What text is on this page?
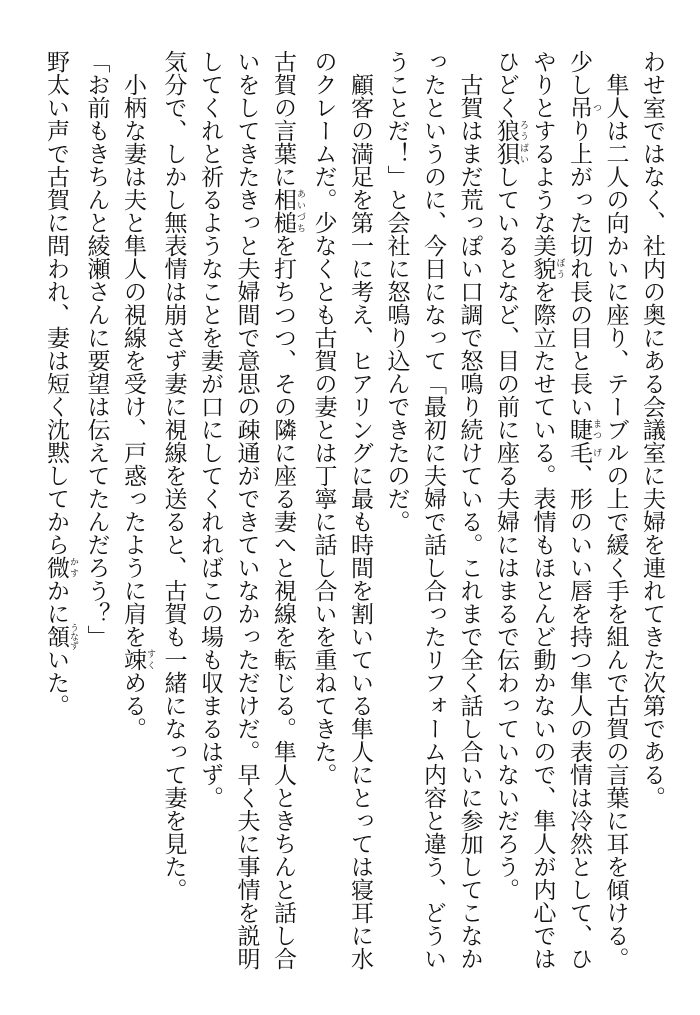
わせ室ではなく、社内の奥にある会議室に夫婦を連れてきた次第である。

隼人は二人の向かいに座り、テーブルの上で緩く手を組んで古賀の言葉に耳を傾ける。少し吊 つり上がった切れ長の目と長い睫 まつ毛 げ、形のいい唇を持つ隼人の表情は冷然として、ひやりとするような美貌 ぼうを際立たせている。表情もほとんど動かないので、隼人が内心ではひどく狼狽 ろうばいしているとなど、目の前に座る夫婦にはまるで伝わっていないだろう。

古賀はまだ荒っぽい口調で怒鳴り続けている。これまで全く話し合いに参加してこなかったというのに、今日になって「最初に夫婦で話し合ったリフォーム内容と違う、どういうことだ！」と会社に怒鳴り込んできたのだ。

顧客の満足を第一に考え、ヒアリングに最も時間を割いている隼人にとっては寝耳に水のクレームだ。少なくとも古賀の妻とは丁寧に話し合いを重ねてきた。

古賀の言葉に相槌 あいづちを打ちつつ、その隣に座る妻へと視線を転じる。隼人ときちんと話し合いをしてきたきっと夫婦間で意思の疎通ができていなかっただけだ。早く夫に事情を説明してくれと祈るようなことを妻が口にしてくれればこの場も収まるはず。

気分で、しかし無表情は崩さず妻に視線を送ると、古賀も一緒になって妻を見た。

小柄な妻は夫と隼人の視線を受け、戸惑ったように肩を竦 すくめる。

「お前もきちんと綾瀬さんに要望は伝えてたんだろう？」

野太い声で古賀に問われ、妻は短く沈黙してから微 かすかに頷 うなずいた。
